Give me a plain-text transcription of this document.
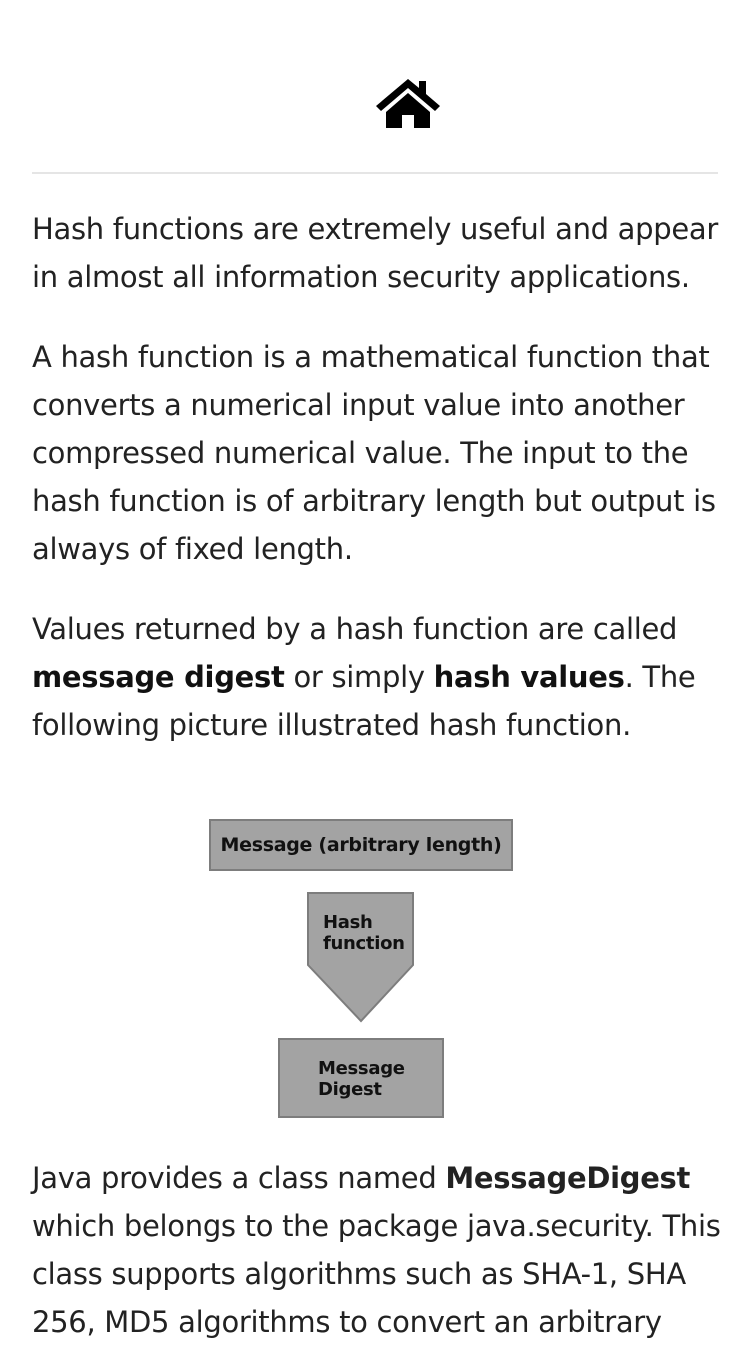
Hash functions are extremely useful and appear in almost all information security applications.

A hash function is a mathematical function that converts a numerical input value into another compressed numerical value. The input to the hash function is of arbitrary length but output is always of fixed length.

Values returned by a hash function are called message digest or simply hash values. The following picture illustrated hash function.

Message (arbitrary length)
Hash
function
Message
Digest

Java provides a class named MessageDigest which belongs to the package java.security. This class supports algorithms such as SHA-1, SHA 256, MD5 algorithms to convert an arbitrary
